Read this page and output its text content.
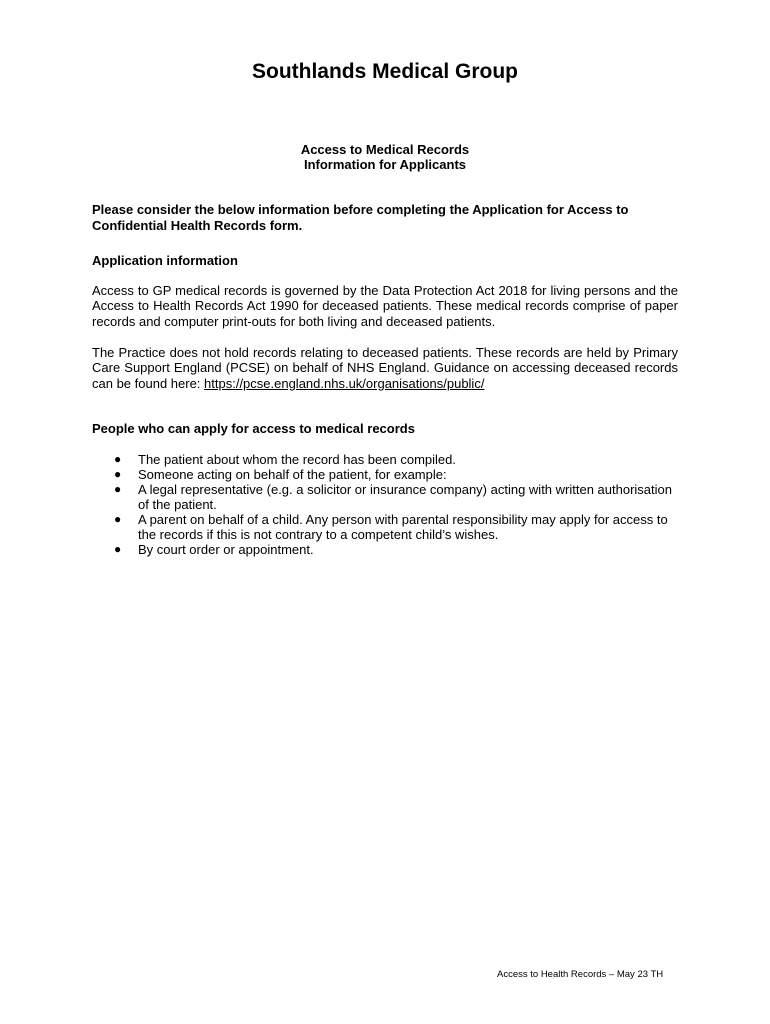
Southlands Medical Group
Access to Medical Records
Information for Applicants

Please consider the below information before completing the Application for Access to Confidential Health Records form.

Application information

Access to GP medical records is governed by the Data Protection Act 2018 for living persons and the Access to Health Records Act 1990 for deceased patients. These medical records comprise of paper records and computer print-outs for both living and deceased patients.

The Practice does not hold records relating to deceased patients. These records are held by Primary Care Support England (PCSE) on behalf of NHS England. Guidance on accessing deceased records can be found here: https://pcse.england.nhs.uk/organisations/public/

People who can apply for access to medical records

● The patient about whom the record has been compiled.
● Someone acting on behalf of the patient, for example:
● A legal representative (e.g. a solicitor or insurance company) acting with written authorisation of the patient.
● A parent on behalf of a child. Any person with parental responsibility may apply for access to the records if this is not contrary to a competent child’s wishes.
● By court order or appointment.
Access to Health Records – May 23 TH
